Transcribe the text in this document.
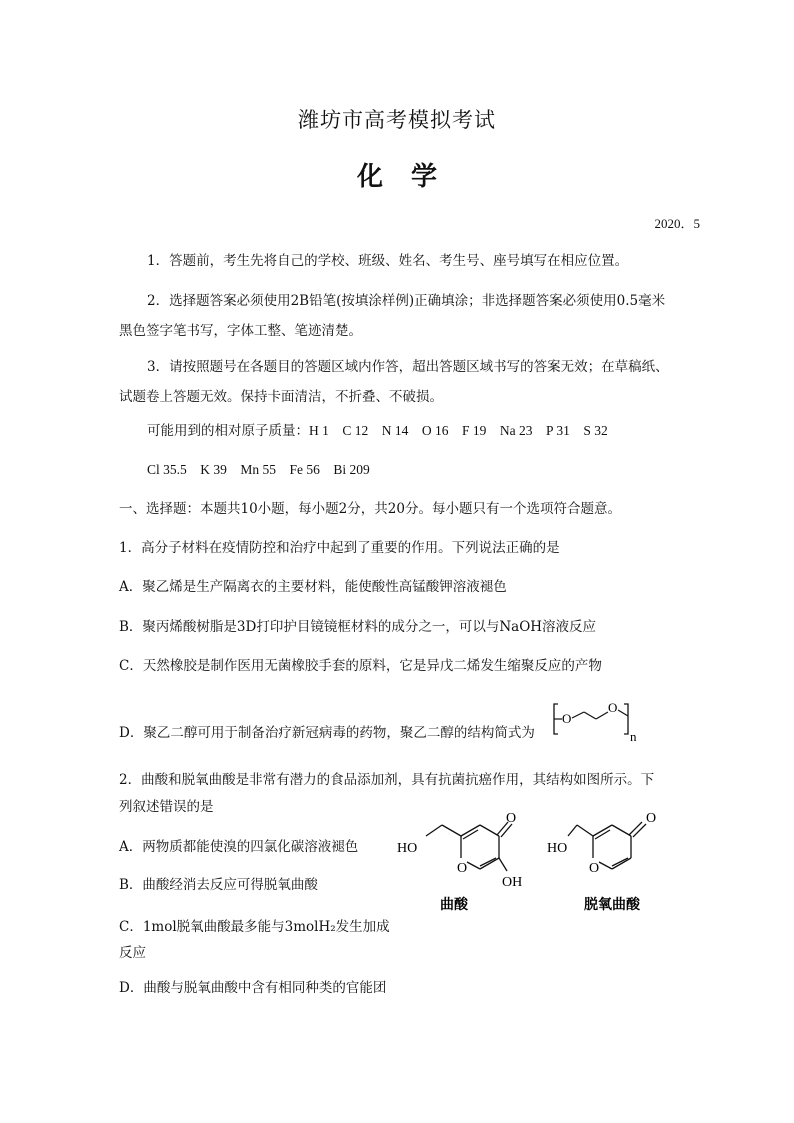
潍坊市高考模拟考试
化 学
2020．5
1．答题前，考生先将自己的学校、班级、姓名、考生号、座号填写在相应位置。
2．选择题答案必须使用2B铅笔(按填涂样例)正确填涂；非选择题答案必须使用0.5毫米黑色签字笔书写，字体工整、笔迹清楚。
3．请按照题号在各题目的答题区域内作答，超出答题区域书写的答案无效；在草稿纸、试题卷上答题无效。保持卡面清洁，不折叠、不破损。
可能用到的相对原子质量：H 1    C 12    N 14    O 16    F 19    Na 23    P 31    S 32
Cl 35.5    K 39    Mn 55    Fe 56    Bi 209
一、选择题：本题共10小题，每小题2分，共20分。每小题只有一个选项符合题意。
1．高分子材料在疫情防控和治疗中起到了重要的作用。下列说法正确的是
A．聚乙烯是生产隔离衣的主要材料，能使酸性高锰酸钾溶液褪色
B．聚丙烯酸树脂是3D打印护目镜镜框材料的成分之一，可以与NaOH溶液反应
C．天然橡胶是制作医用无菌橡胶手套的原料，它是异戊二烯发生缩聚反应的产物
D．聚乙二醇可用于制备治疗新冠病毒的药物，聚乙二醇的结构简式为
O
O
n
2．曲酸和脱氧曲酸是非常有潜力的食品添加剂，具有抗菌抗癌作用，其结构如图所示。下
列叙述错误的是
A．两物质都能使溴的四氯化碳溶液褪色
B．曲酸经消去反应可得脱氧曲酸
C．1mol脱氧曲酸最多能与3molH₂发生加成反应
D．曲酸与脱氧曲酸中含有相同种类的官能团
HO
O
O
OH
曲酸
HO
O
O
脱氧曲酸
